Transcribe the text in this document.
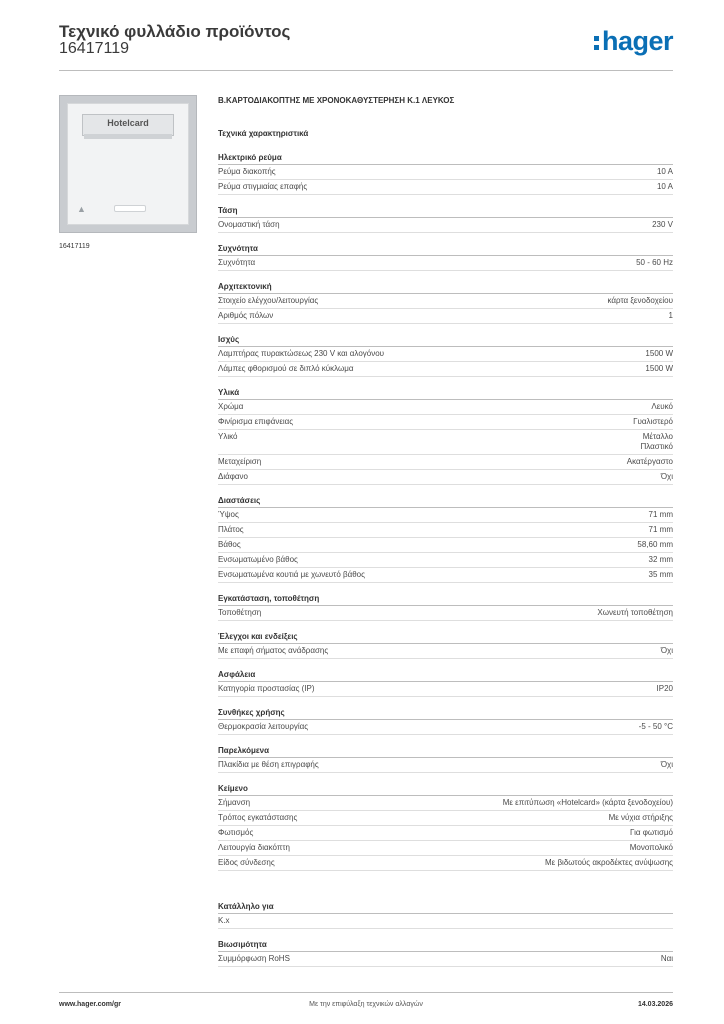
Τεχνικό φυλλάδιο προϊόντος
16417119	hager
Hotelcard
▲
16417119
B.ΚΑΡΤΟΔΙΑΚΟΠΤΗΣ ΜΕ ΧΡΟΝΟΚΑΘΥΣΤΕΡΗΣΗ K.1 ΛΕΥΚΟΣ
Τεχνικά χαρακτηριστικά
Ηλεκτρικό ρεύμα
Ρεύμα διακοπής	10 A
Ρεύμα στιγμιαίας επαφής	10 A
Τάση
Ονομαστική τάση	230 V
Συχνότητα
Συχνότητα	50 - 60 Hz
Αρχιτεκτονική
Στοιχείο ελέγχου/λειτουργίας	κάρτα ξενοδοχείου
Αριθμός πόλων	1
Ισχύς
Λαμπτήρας πυρακτώσεως 230 V και αλογόνου	1500 W
Λάμπες φθορισμού σε διπλό κύκλωμα	1500 W
Υλικά
Χρώμα	Λευκό
Φινίρισμα επιφάνειας	Γυαλιστερό
Υλικό	Μέταλλο
Πλαστικό
Μεταχείριση	Ακατέργαστο
Διάφανο	Όχι
Διαστάσεις
Ύψος	71 mm
Πλάτος	71 mm
Βάθος	58,60 mm
Ενσωματωμένο βάθος	32 mm
Ενσωματωμένα κουτιά με χωνευτό βάθος	35 mm
Εγκατάσταση, τοποθέτηση
Τοποθέτηση	Χωνευτή τοποθέτηση
Έλεγχοι και ενδείξεις
Με επαφή σήματος ανάδρασης	Όχι
Ασφάλεια
Κατηγορία προστασίας (IP)	IP20
Συνθήκες χρήσης
Θερμοκρασία λειτουργίας	-5 - 50 °C
Παρελκόμενα
Πλακίδια με θέση επιγραφής	Όχι
Κείμενο
Σήμανση	Με επιτύπωση «Hotelcard» (κάρτα ξενοδοχείου)
Τρόπος εγκατάστασης	Με νύχια στήριξης
Φωτισμός	Για φωτισμό
Λειτουργία διακόπτη	Μονοπολικό
Είδος σύνδεσης	Με βιδωτούς ακροδέκτες ανύψωσης
Κατάλληλο για
K.x
Βιωσιμότητα
Συμμόρφωση RoHS	Ναι
www.hager.com/gr	Με την επιφύλαξη τεχνικών αλλαγών	14.03.2026
